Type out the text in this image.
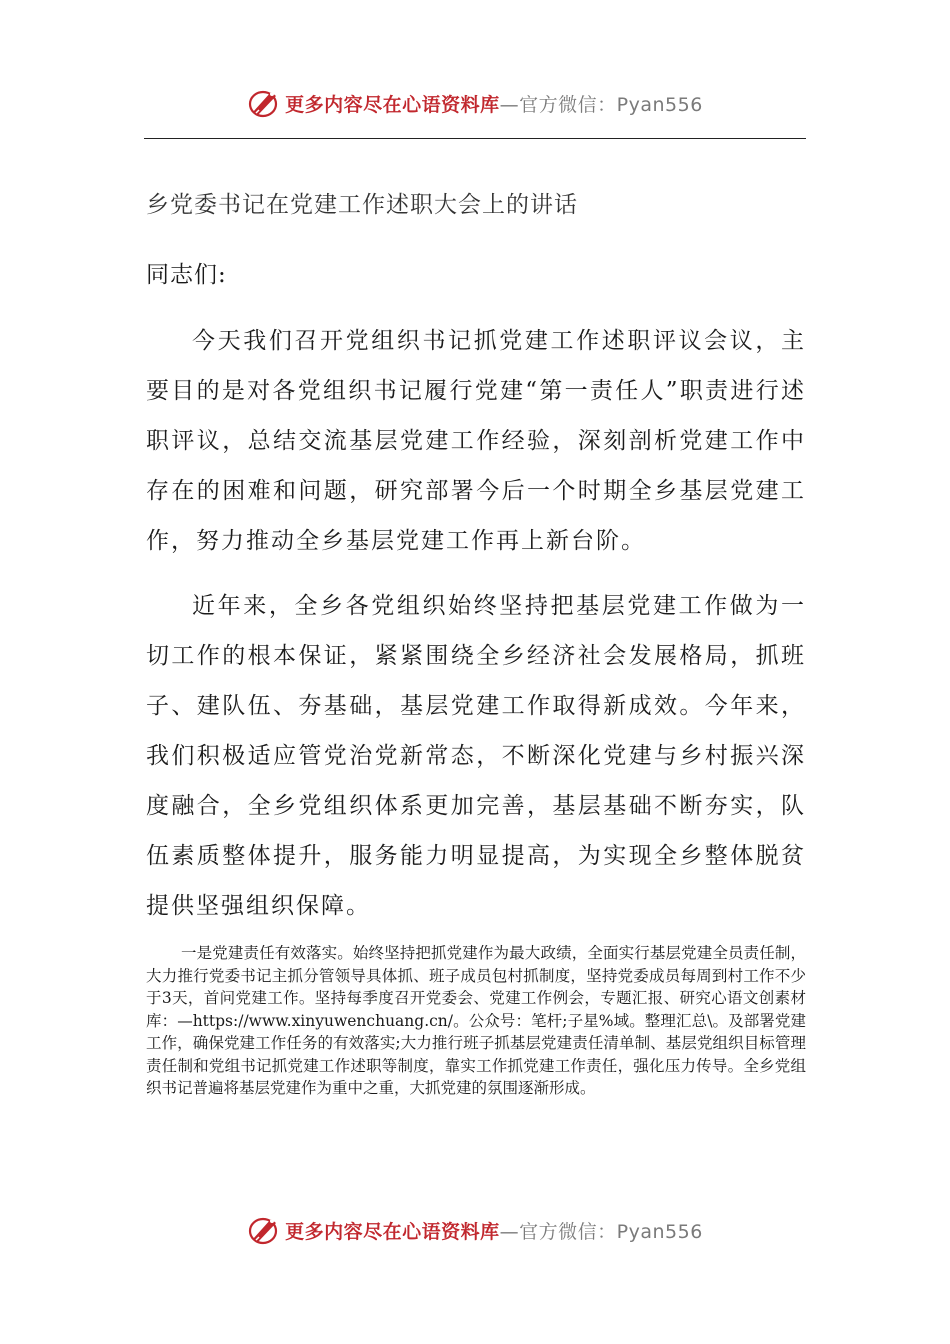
更多内容尽在心语资料库—官方微信：Pyan556
乡党委书记在党建工作述职大会上的讲话
同志们:

今天我们召开党组织书记抓党建工作述职评议会议，主要目的是对各党组织书记履行党建“第一责任人”职责进行述职评议，总结交流基层党建工作经验，深刻剖析党建工作中存在的困难和问题，研究部署今后一个时期全乡基层党建工作，努力推动全乡基层党建工作再上新台阶。

近年来，全乡各党组织始终坚持把基层党建工作做为一切工作的根本保证，紧紧围绕全乡经济社会发展格局，抓班子、建队伍、夯基础，基层党建工作取得新成效。今年来，我们积极适应管党治党新常态，不断深化党建与乡村振兴深度融合，全乡党组织体系更加完善，基层基础不断夯实，队伍素质整体提升，服务能力明显提高，为实现全乡整体脱贫提供坚强组织保障。

一是党建责任有效落实。始终坚持把抓党建作为最大政绩，全面实行基层党建全员责任制，大力推行党委书记主抓分管领导具体抓、班子成员包村抓制度，坚持党委成员每周到村工作不少于3天，首问党建工作。坚持每季度召开党委会、党建工作例会，专题汇报、研究心语文创素材库：—https://www.xinyuwenchuang.cn/。公众号：笔杆;子星%域。整理汇总\。及部署党建工作，确保党建工作任务的有效落实;大力推行班子抓基层党建责任清单制、基层党组织目标管理责任制和党组书记抓党建工作述职等制度，靠实工作抓党建工作责任，强化压力传导。全乡党组织书记普遍将基层党建作为重中之重，大抓党建的氛围逐渐形成。

更多内容尽在心语资料库—官方微信：Pyan556
